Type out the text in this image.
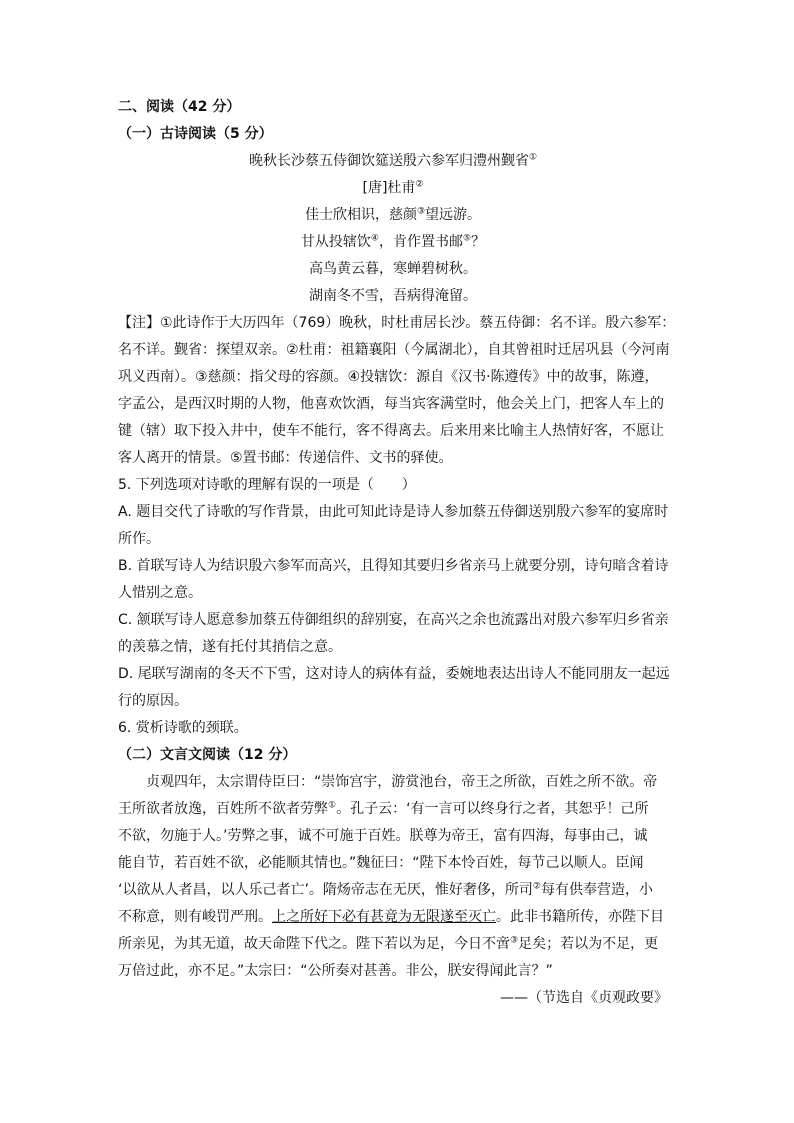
二、阅读（42 分）
（一）古诗阅读（5 分）
晚秋长沙蔡五侍御饮筵送殷六参军归澧州觐省①
[唐]杜甫②
佳士欣相识，慈颜③望远游。
甘从投辖饮④，肯作置书邮⑤？
高鸟黄云暮，寒蝉碧树秋。
湖南冬不雪，吾病得淹留。
【注】①此诗作于大历四年（769）晚秋，时杜甫居长沙。蔡五侍御：名不详。殷六参军：
名不详。觐省：探望双亲。②杜甫：祖籍襄阳（今属湖北），自其曾祖时迁居巩县（今河南
巩义西南）。③慈颜：指父母的容颜。④投辖饮：源自《汉书·陈遵传》中的故事，陈遵，
字孟公，是西汉时期的人物，他喜欢饮酒，每当宾客满堂时，他会关上门，把客人车上的
键（辖）取下投入井中，使车不能行，客不得离去。后来用来比喻主人热情好客，不愿让
客人离开的情景。⑤置书邮：传递信件、文书的驿使。
5. 下列选项对诗歌的理解有误的一项是（　　）
A. 题目交代了诗歌的写作背景，由此可知此诗是诗人参加蔡五侍御送别殷六参军的宴席时
所作。
B. 首联写诗人为结识殷六参军而高兴，且得知其要归乡省亲马上就要分别，诗句暗含着诗
人惜别之意。
C. 颔联写诗人愿意参加蔡五侍御组织的辞别宴，在高兴之余也流露出对殷六参军归乡省亲
的羡慕之情，遂有托付其捎信之意。
D. 尾联写湖南的冬天不下雪，这对诗人的病体有益，委婉地表达出诗人不能同朋友一起远
行的原因。
6. 赏析诗歌的颈联。
（二）文言文阅读（12 分）
贞观四年，太宗谓侍臣曰：“崇饰宫宇，游赏池台，帝王之所欲，百姓之所不欲。帝
王所欲者放逸，百姓所不欲者劳弊①。孔子云：‘有一言可以终身行之者，其恕乎！己所
不欲，勿施于人。’劳弊之事，诚不可施于百姓。朕尊为帝王，富有四海，每事由己，诚
能自节，若百姓不欲，必能顺其情也。”魏征曰：“陛下本怜百姓，每节己以顺人。臣闻
‘以欲从人者昌，以人乐己者亡’。隋炀帝志在无厌，惟好奢侈，所司②每有供奉营造，小
不称意，则有峻罚严刑。上之所好下必有甚竟为无限遂至灭亡。此非书籍所传，亦陛下目
所亲见，为其无道，故天命陛下代之。陛下若以为足，今日不啻③足矣；若以为不足，更
万倍过此，亦不足。”太宗曰：“公所奏对甚善。非公，朕安得闻此言？”
——（节选自《贞观政要》
